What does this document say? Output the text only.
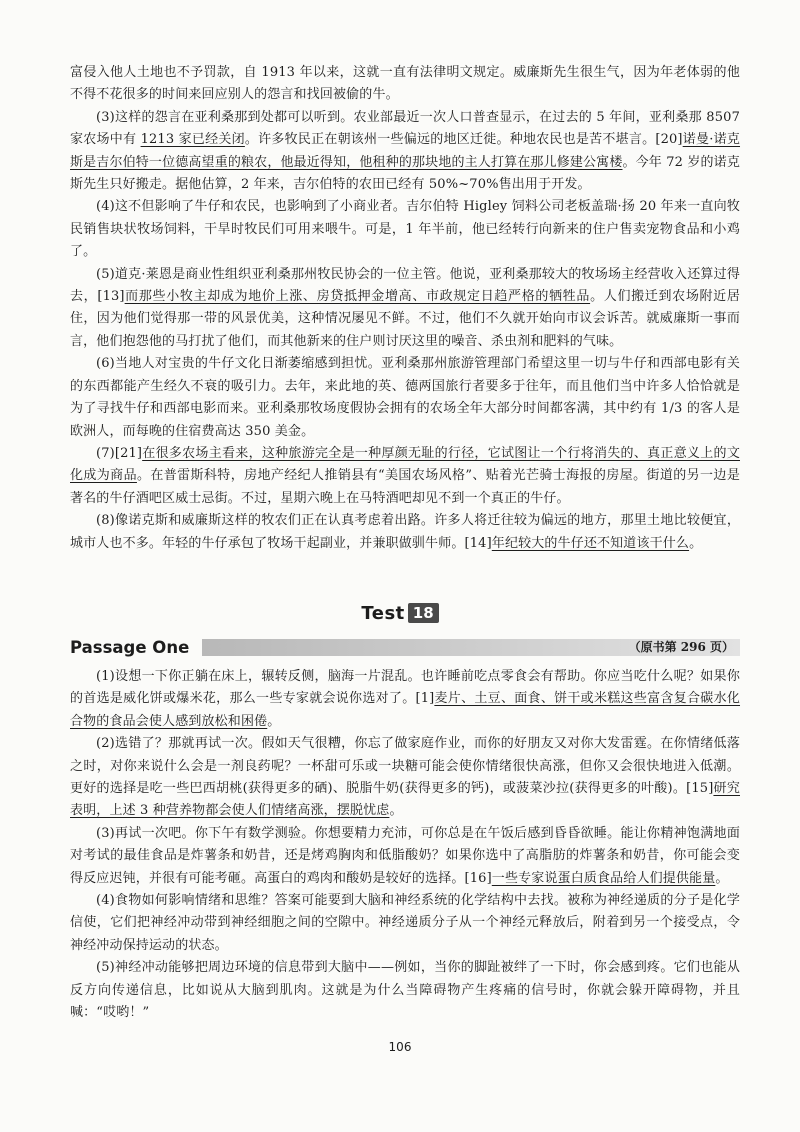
富侵入他人土地也不予罚款，自 1913 年以来，这就一直有法律明文规定。威廉斯先生很生气，因为年老体弱的他不得不花很多的时间来回应别人的怨言和找回被偷的牛。

(3)这样的怨言在亚利桑那到处都可以听到。农业部最近一次人口普查显示，在过去的 5 年间，亚利桑那 8507 家农场中有 1213 家已经关闭。许多牧民正在朝该州一些偏远的地区迁徙。种地农民也是苦不堪言。[20]诺曼·诺克斯是吉尔伯特一位德高望重的粮农，他最近得知，他租种的那块地的主人打算在那儿修建公寓楼。今年 72 岁的诺克斯先生只好搬走。据他估算，2 年来，吉尔伯特的农田已经有 50%~70%售出用于开发。

(4)这不但影响了牛仔和农民，也影响到了小商业者。吉尔伯特 Higley 饲料公司老板盖瑞·扬 20 年来一直向牧民销售块状牧场饲料，干旱时牧民们可用来喂牛。可是，1 年半前，他已经转行向新来的住户售卖宠物食品和小鸡了。

(5)道克·莱恩是商业性组织亚利桑那州牧民协会的一位主管。他说，亚利桑那较大的牧场场主经营收入还算过得去，[13]而那些小牧主却成为地价上涨、房贷抵押金增高、市政规定日趋严格的牺牲品。人们搬迁到农场附近居住，因为他们觉得那一带的风景优美，这种情况屡见不鲜。不过，他们不久就开始向市议会诉苦。就威廉斯一事而言，他们抱怨他的马打扰了他们，而其他新来的住户则讨厌这里的噪音、杀虫剂和肥料的气味。

(6)当地人对宝贵的牛仔文化日渐萎缩感到担忧。亚利桑那州旅游管理部门希望这里一切与牛仔和西部电影有关的东西都能产生经久不衰的吸引力。去年，来此地的英、德两国旅行者要多于往年，而且他们当中许多人恰恰就是为了寻找牛仔和西部电影而来。亚利桑那牧场度假协会拥有的农场全年大部分时间都客满，其中约有 1/3 的客人是欧洲人，而每晚的住宿费高达 350 美金。

(7)[21]在很多农场主看来，这种旅游完全是一种厚颜无耻的行径，它试图让一个行将消失的、真正意义上的文化成为商品。在普雷斯科特，房地产经纪人推销县有“美国农场风格”、贴着光芒骑士海报的房屋。街道的另一边是著名的牛仔酒吧区威士忌街。不过，星期六晚上在马特酒吧却见不到一个真正的牛仔。

(8)像诺克斯和威廉斯这样的牧农们正在认真考虑着出路。许多人将迁往较为偏远的地方，那里土地比较便宜，城市人也不多。年轻的牛仔承包了牧场干起副业，并兼职做驯牛师。[14]年纪较大的牛仔还不知道该干什么。

Test 18
Passage One	（原书第 296 页）

(1)设想一下你正躺在床上，辗转反侧，脑海一片混乱。也许睡前吃点零食会有帮助。你应当吃什么呢？如果你的首选是威化饼或爆米花，那么一些专家就会说你选对了。[1]麦片、土豆、面食、饼干或米糕这些富含复合碳水化合物的食品会使人感到放松和困倦。

(2)选错了？那就再试一次。假如天气很糟，你忘了做家庭作业，而你的好朋友又对你大发雷霆。在你情绪低落之时，对你来说什么会是一剂良药呢？一杯甜可乐或一块糖可能会使你情绪很快高涨，但你又会很快地进入低潮。更好的选择是吃一些巴西胡桃(获得更多的硒)、脱脂牛奶(获得更多的钙)，或菠菜沙拉(获得更多的叶酸)。[15]研究表明，上述 3 种营养物都会使人们情绪高涨，摆脱忧虑。

(3)再试一次吧。你下午有数学测验。你想要精力充沛，可你总是在午饭后感到昏昏欲睡。能让你精神饱满地面对考试的最佳食品是炸薯条和奶昔，还是烤鸡胸肉和低脂酸奶？如果你选中了高脂肪的炸薯条和奶昔，你可能会变得反应迟钝，并很有可能考砸。高蛋白的鸡肉和酸奶是较好的选择。[16]一些专家说蛋白质食品给人们提供能量。

(4)食物如何影响情绪和思维？答案可能要到大脑和神经系统的化学结构中去找。被称为神经递质的分子是化学信使，它们把神经冲动带到神经细胞之间的空隙中。神经递质分子从一个神经元释放后，附着到另一个接受点，令神经冲动保持运动的状态。

(5)神经冲动能够把周边环境的信息带到大脑中——例如，当你的脚趾被绊了一下时，你会感到疼。它们也能从反方向传递信息，比如说从大脑到肌肉。这就是为什么当障碍物产生疼痛的信号时，你就会躲开障碍物，并且喊：“哎哟！”

106
